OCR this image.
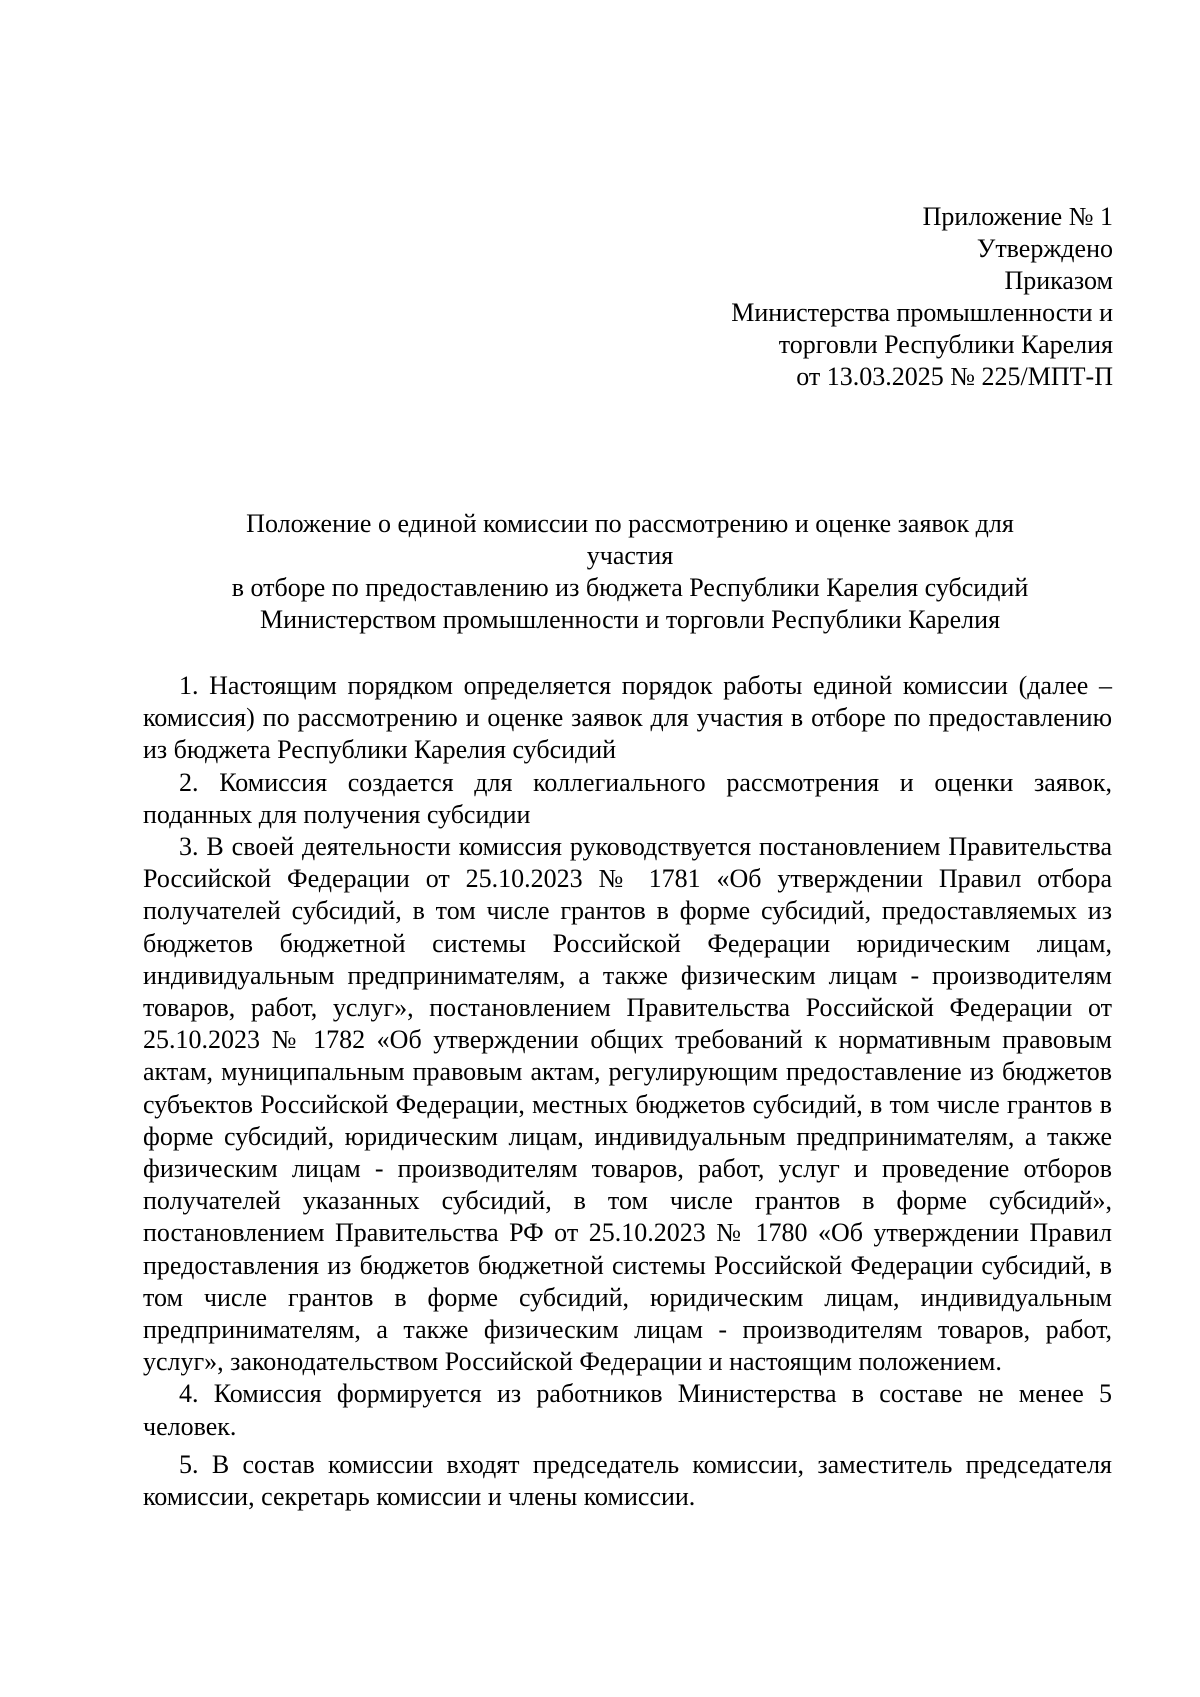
Приложение № 1
Утверждено
Приказом
Министерства промышленности и
торговли Республики Карелия
от 13.03.2025 № 225/МПТ-П
Положение о единой комиссии по рассмотрению и оценке заявок для
участия
в отборе по предоставлению из бюджета Республики Карелия субсидий
Министерством промышленности и торговли Республики Карелия

1. Настоящим порядком определяется порядок работы единой комиссии (далее – комиссия) по рассмотрению и оценке заявок для участия в отборе по предоставлению из бюджета Республики Карелия субсидий

2. Комиссия создается для коллегиального рассмотрения и оценки заявок, поданных для получения субсидии

3. В своей деятельности комиссия руководствуется постановлением Правительства Российской Федерации от 25.10.2023 № 1781 «Об утверждении Правил отбора получателей субсидий, в том числе грантов в форме субсидий, предоставляемых из бюджетов бюджетной системы Российской Федерации юридическим лицам, индивидуальным предпринимателям, а также физическим лицам - производителям товаров, работ, услуг», постановлением Правительства Российской Федерации от 25.10.2023 № 1782 «Об утверждении общих требований к нормативным правовым актам, муниципальным правовым актам, регулирующим предоставление из бюджетов субъектов Российской Федерации, местных бюджетов субсидий, в том числе грантов в форме субсидий, юридическим лицам, индивидуальным предпринимателям, а также физическим лицам - производителям товаров, работ, услуг и проведение отборов получателей указанных субсидий, в том числе грантов в форме субсидий», постановлением Правительства РФ от 25.10.2023 № 1780 «Об утверждении Правил предоставления из бюджетов бюджетной системы Российской Федерации субсидий, в том числе грантов в форме субсидий, юридическим лицам, индивидуальным предпринимателям, а также физическим лицам - производителям товаров, работ, услуг», законодательством Российской Федерации и настоящим положением.

4. Комиссия формируется из работников Министерства в составе не менее 5 человек.

5. В состав комиссии входят председатель комиссии, заместитель председателя комиссии, секретарь комиссии и члены комиссии.
